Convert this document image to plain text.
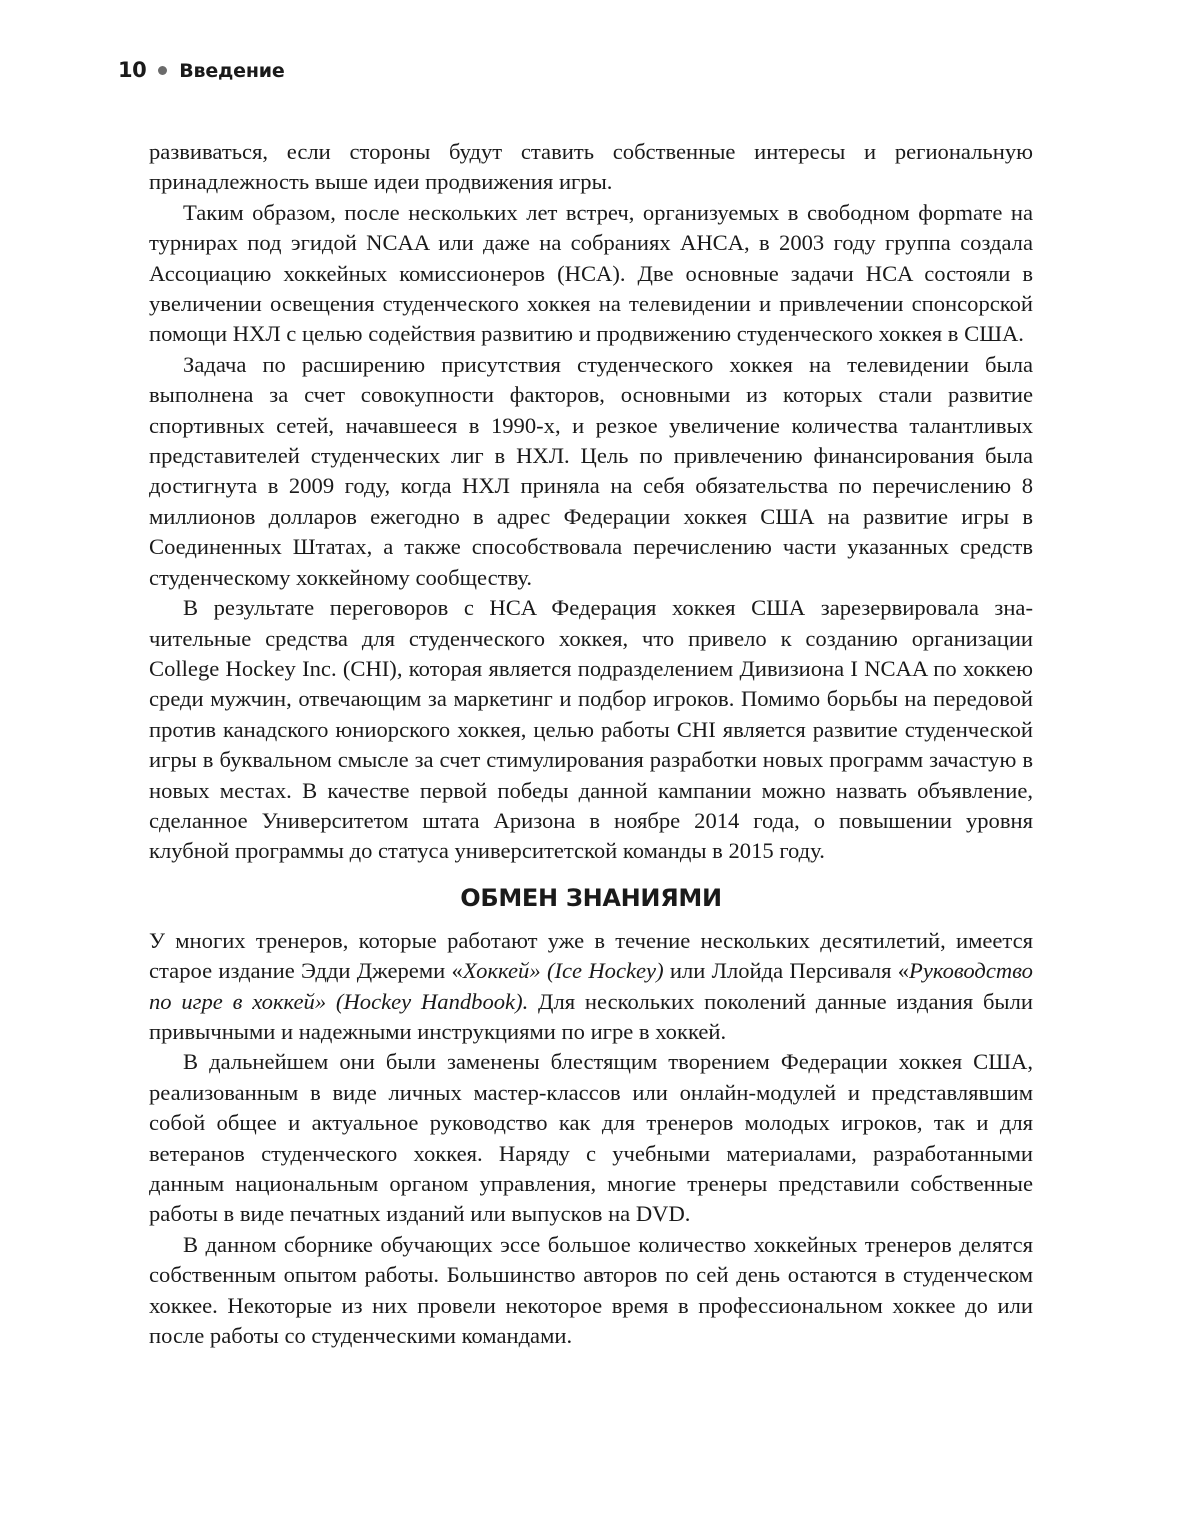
10 Введение

развиваться, если стороны будут ставить собственные интересы и региональную принадлежность выше идеи продвижения игры.

Таким образом, после нескольких лет встреч, организуемых в свободном форmате на турнирах под эгидой NCAA или даже на собраниях AHCA, в 2003 году группа создала Ассоциацию хоккейных комиссионеров (HCA). Две основные задачи HCA состояли в увеличении освещения студенческого хоккея на телевидении и привлечении спонсорской помощи НХЛ с целью содействия развитию и продвижению студенческого хоккея в США.

Задача по расширению присутствия студенческого хоккея на телевидении была выполнена за счет совокупности факторов, основными из которых стали развитие спортивных сетей, начавшееся в 1990-х, и резкое увеличение количества талантливых представителей студенческих лиг в НХЛ. Цель по привлечению финансирования была достигнута в 2009 году, когда НХЛ приняла на себя обязательства по перечислению 8 миллионов долларов ежегодно в адрес Федерации хоккея США на развитие игры в Соединенных Штатах, а также способствовала перечислению части указанных средств студенческому хоккейному сообществу.

В результате переговоров с HCA Федерация хоккея США зарезервировала значительные средства для студенческого хоккея, что привело к созданию организации College Hockey Inc. (CHI), которая является подразделением Дивизиона I NCAA по хоккею среди мужчин, отвечающим за маркетинг и подбор игроков. Помимо борьбы на передовой против канадского юниорского хоккея, целью работы CHI является развитие студенческой игры в буквальном смысле за счет стимулирования разработки новых программ зачастую в новых местах. В качестве первой победы данной кампании можно назвать объявление, сделанное Университетом штата Аризона в ноябре 2014 года, о повышении уровня клубной программы до статуса университетской команды в 2015 году.

ОБМЕН ЗНАНИЯМИ

У многих тренеров, которые работают уже в течение нескольких десятилетий, имеется старое издание Эдди Джереми «Хоккей» (Ice Hockey) или Ллойда Персиваля «Руководство по игре в хоккей» (Hockey Handbook). Для нескольких поколений данные издания были привычными и надежными инструкциями по игре в хоккей.

В дальнейшем они были заменены блестящим творением Федерации хоккея США, реализованным в виде личных мастер-классов или онлайн-модулей и представлявшим собой общее и актуальное руководство как для тренеров молодых игроков, так и для ветеранов студенческого хоккея. Наряду с учебными материалами, разработанными данным национальным органом управления, многие тренеры представили собственные работы в виде печатных изданий или выпусков на DVD.

В данном сборнике обучающих эссе большое количество хоккейных тренеров делятся собственным опытом работы. Большинство авторов по сей день остаются в студенческом хоккее. Некоторые из них провели некоторое время в профессиональном хоккее до или после работы со студенческими командами.
